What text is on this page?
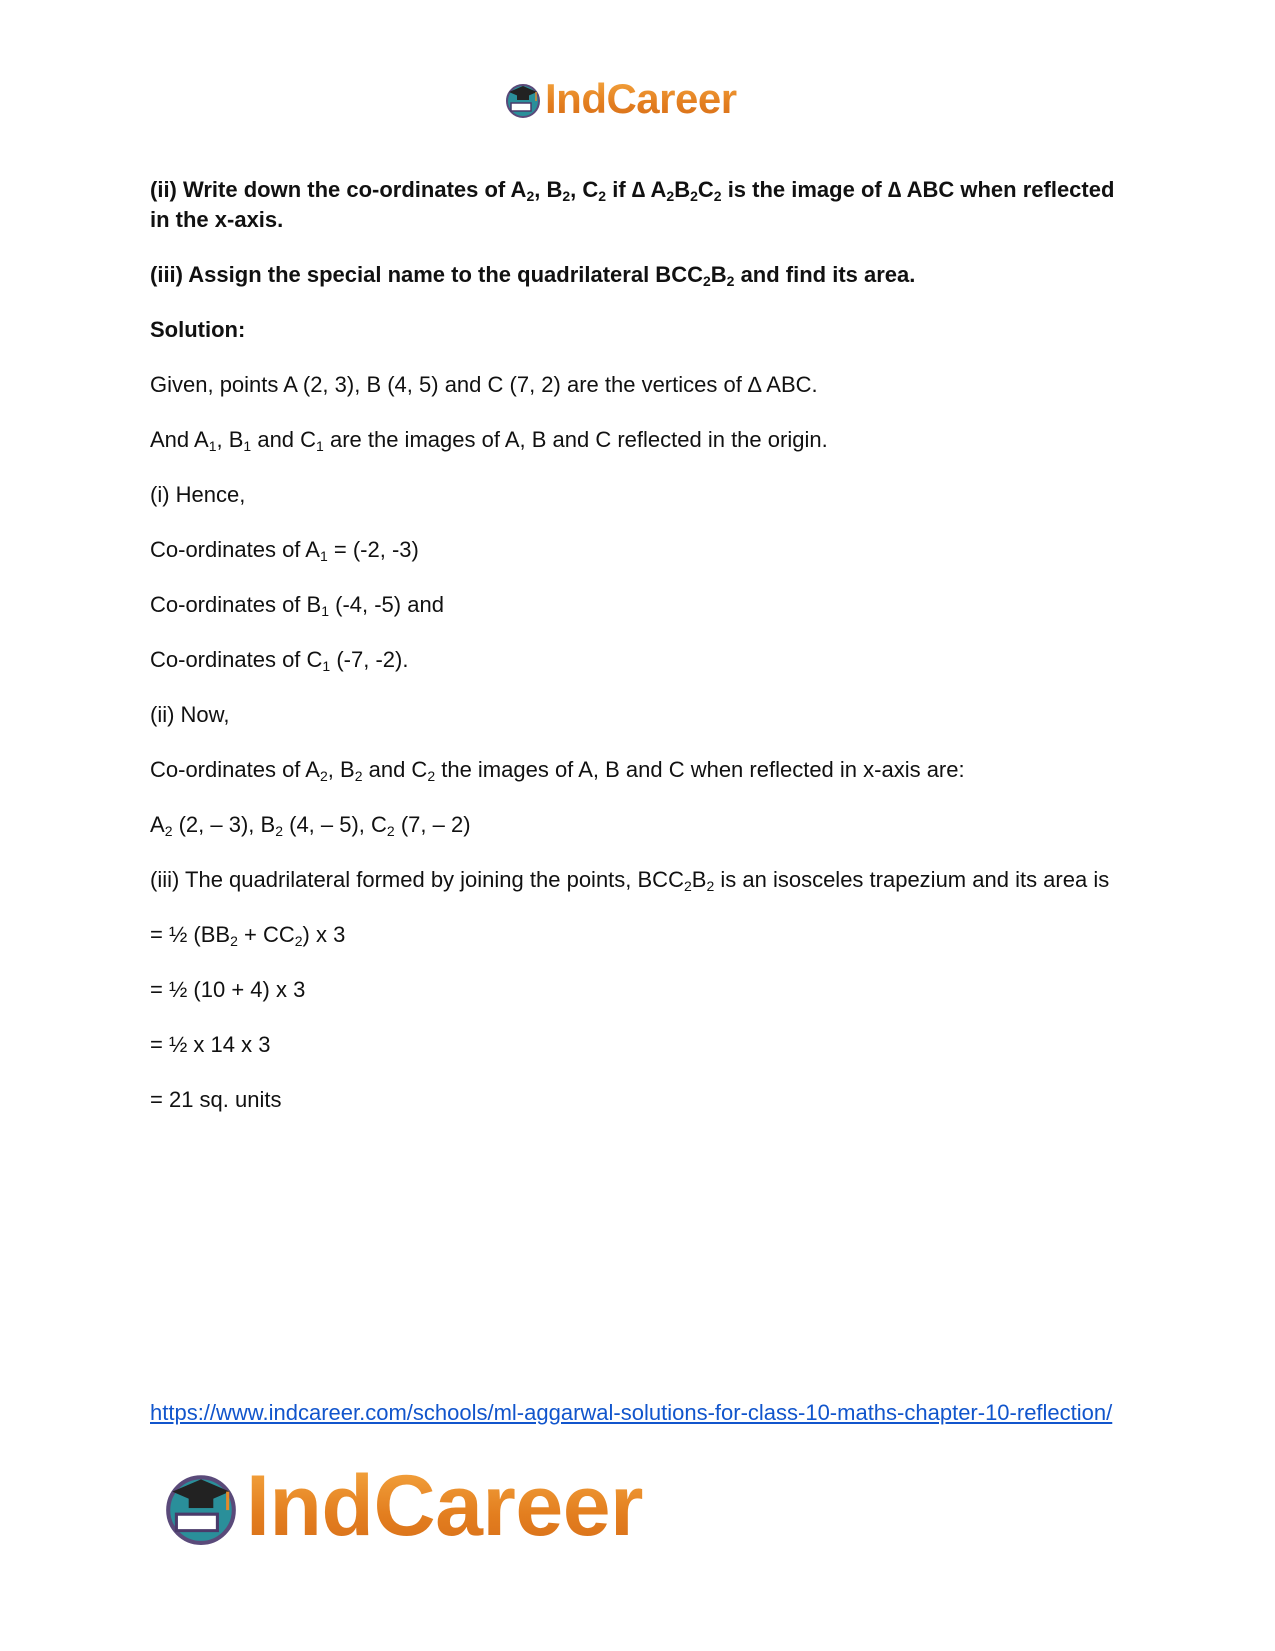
IndCareer

(ii) Write down the co-ordinates of $A_2$, $B_2$, $C_2$ if ∆ $A_2B_2C_2$ is the image of ∆ ABC when reflected in the x-axis.

(iii) Assign the special name to the quadrilateral $BCC_2B_2$ and find its area.

Solution:

Given, points A (2, 3), B (4, 5) and C (7, 2) are the vertices of ∆ ABC.

And $A_1$, $B_1$ and $C_1$ are the images of A, B and C reflected in the origin.

(i) Hence,

Co-ordinates of $A_1 = (-2$, -3)

Co-ordinates of $B_1$ (-4, -5) and

Co-ordinates of $C_1$ (-7, -2).

(ii) Now,

Co-ordinates of $A_2$, $B_2$ and $C_2$ the images of A, B and C when reflected in x-axis are:

$A_2$ (2, – 3), $B_2$ (4, – 5), $C_2$ (7, – 2)

(iii) The quadrilateral formed by joining the points, $BCC_2B_2$ is an isosceles trapezium and its area is

= ½ $(BB_2 + CC_2)$ x 3

= ½ (10 + 4) x 3

= ½ x 14 x 3

= 21 sq. units

https://www.indcareer.com/schools/ml-aggarwal-solutions-for-class-10-maths-chapter-10-reflection/
IndCareer
